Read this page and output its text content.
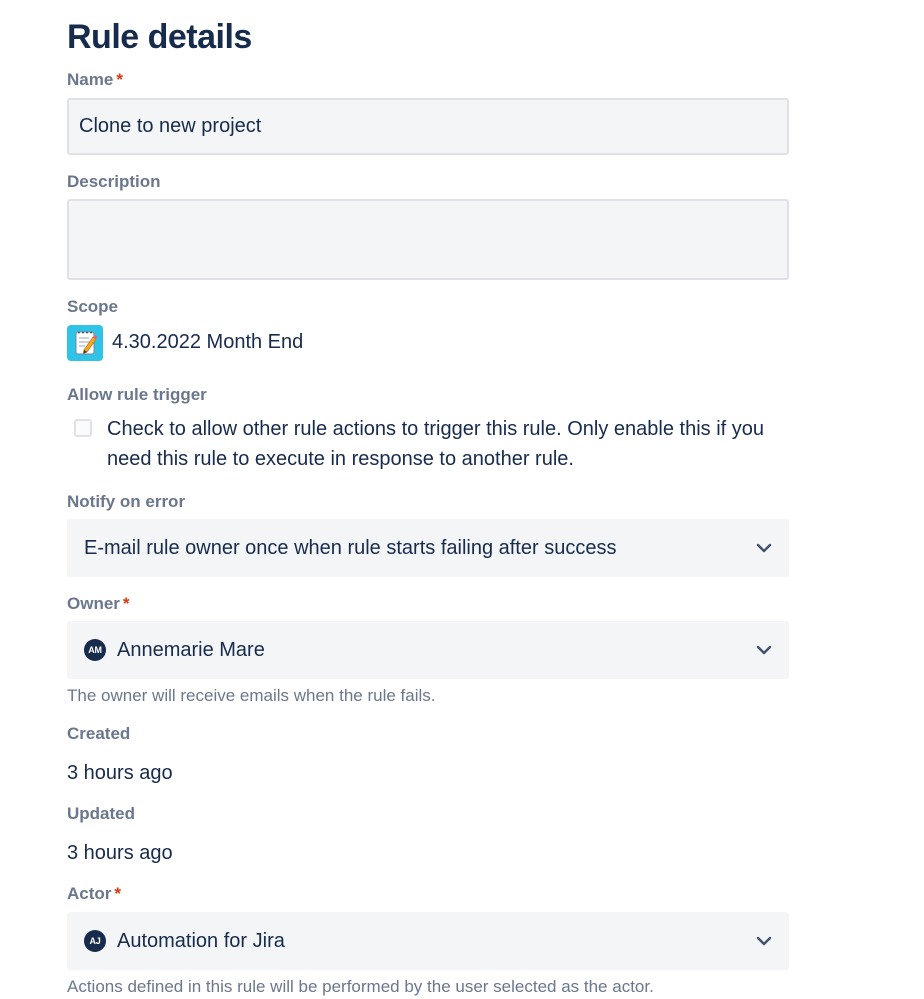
Rule details
Name *
Clone to new project
Description
Scope
4.30.2022 Month End
Allow rule trigger
Check to allow other rule actions to trigger this rule. Only enable this if you need this rule to execute in response to another rule.
Notify on error
E-mail rule owner once when rule starts failing after success
Owner *
AM Annemarie Mare
The owner will receive emails when the rule fails.
Created
3 hours ago
Updated
3 hours ago
Actor *
AJ Automation for Jira
Actions defined in this rule will be performed by the user selected as the actor.
